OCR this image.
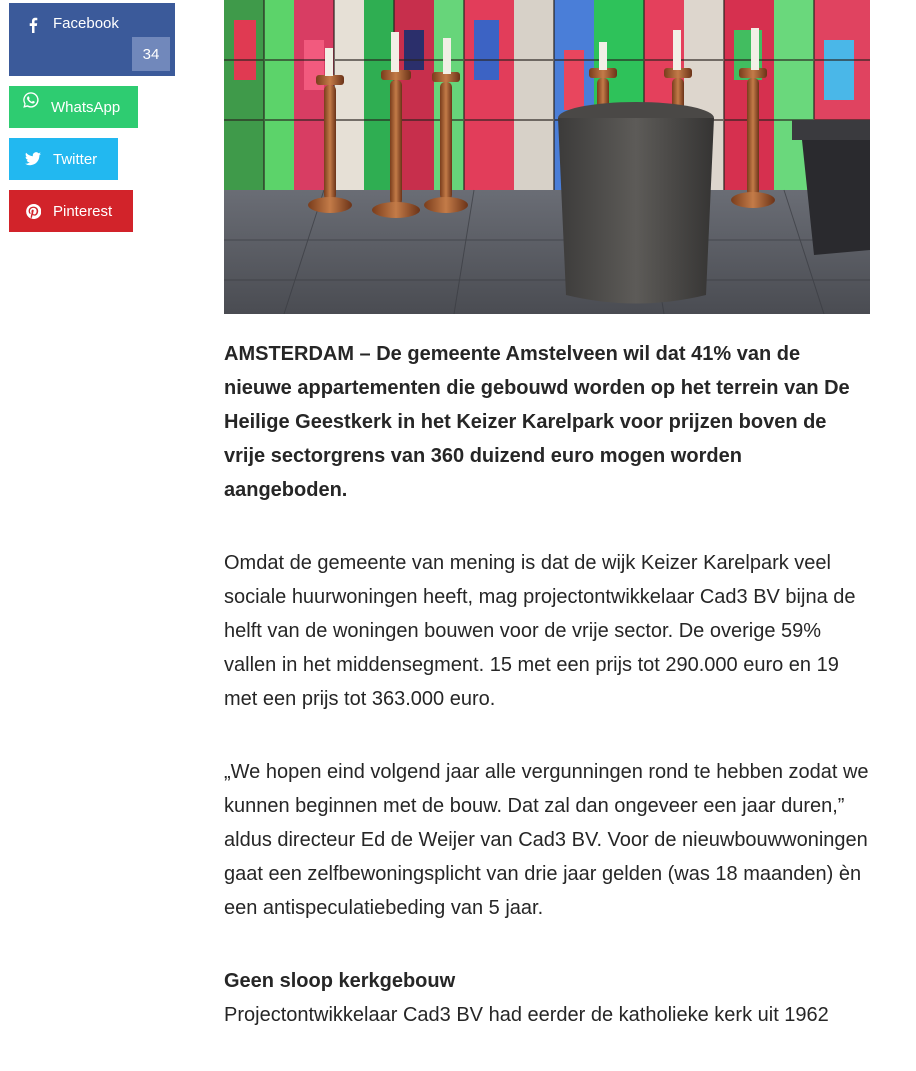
Facebook
34
WhatsApp
Twitter
Pinterest

AMSTERDAM – De gemeente Amstelveen wil dat 41% van de nieuwe appartementen die gebouwd worden op het terrein van De Heilige Geestkerk in het Keizer Karelpark voor prijzen boven de vrije sectorgrens van 360 duizend euro mogen worden aangeboden.

Omdat de gemeente van mening is dat de wijk Keizer Karelpark veel sociale huurwoningen heeft, mag projectontwikkelaar Cad3 BV bijna de helft van de woningen bouwen voor de vrije sector. De overige 59% vallen in het middensegment. 15 met een prijs tot 290.000 euro en 19 met een prijs tot 363.000 euro.

„We hopen eind volgend jaar alle vergunningen rond te hebben zodat we kunnen beginnen met de bouw. Dat zal dan ongeveer een jaar duren,” aldus directeur Ed de Weijer van Cad3 BV. Voor de nieuwbouwwoningen gaat een zelfbewoningsplicht van drie jaar gelden (was 18 maanden) èn een antispeculatiebeding van 5 jaar.

Geen sloop kerkgebouw

Projectontwikkelaar Cad3 BV had eerder de katholieke kerk uit 1962
